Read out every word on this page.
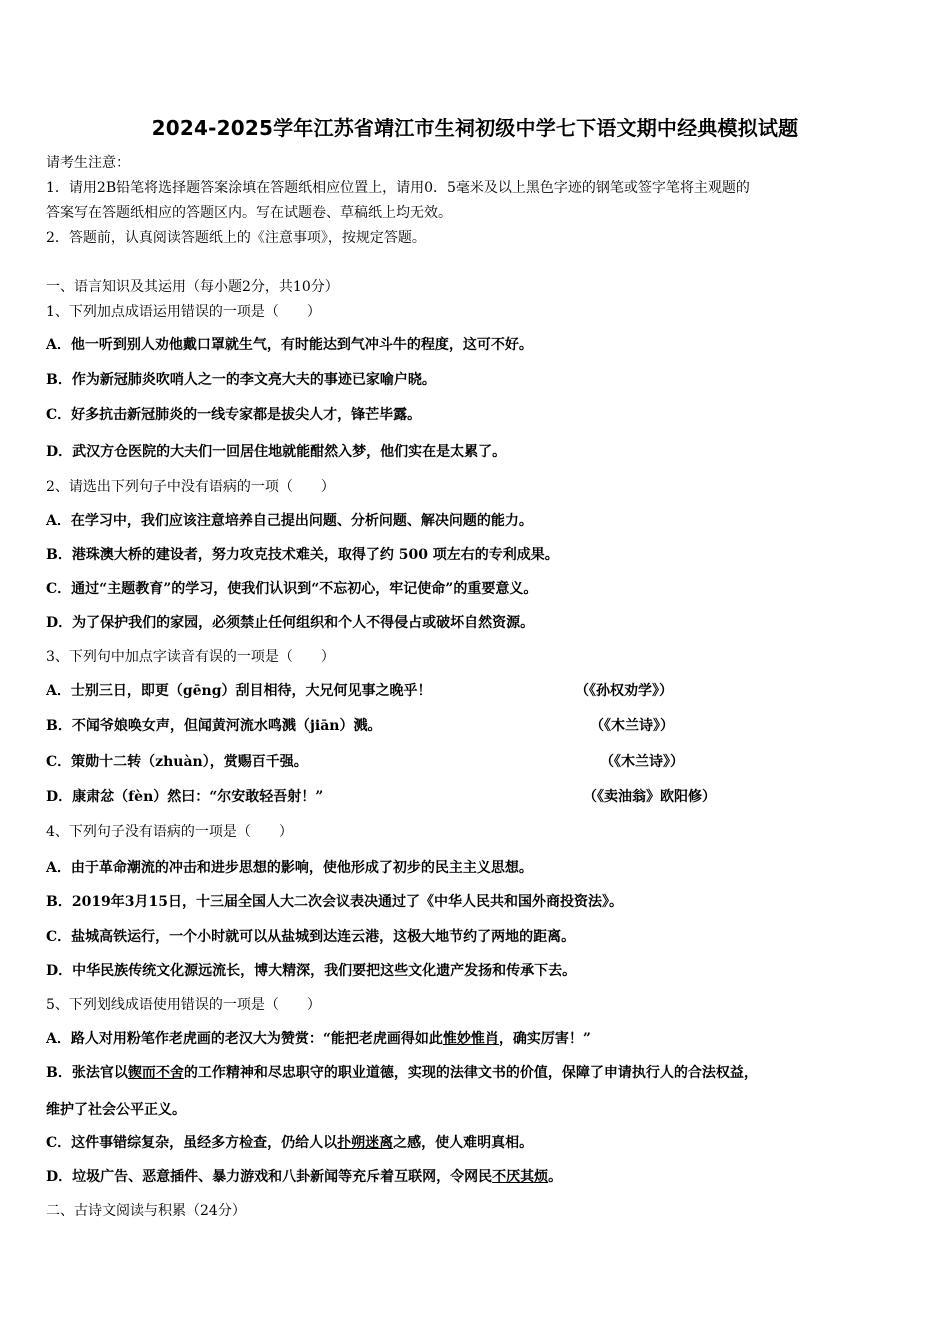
2024-2025学年江苏省靖江市生祠初级中学七下语文期中经典模拟试题
请考生注意：
1．请用2B铅笔将选择题答案涂填在答题纸相应位置上，请用0．5毫米及以上黑色字迹的钢笔或签字笔将主观题的
答案写在答题纸相应的答题区内。写在试题卷、草稿纸上均无效。
2．答题前，认真阅读答题纸上的《注意事项》，按规定答题。
一、语言知识及其运用（每小题2分，共10分）
1、下列加点成语运用错误的一项是（　　）
A．他一听到别人劝他戴口罩就生气，有时能达到气冲斗牛的程度，这可不好。
B．作为新冠肺炎吹哨人之一的李文亮大夫的事迹已家喻户晓。
C．好多抗击新冠肺炎的一线专家都是拔尖人才，锋芒毕露。
D．武汉方仓医院的大夫们一回居住地就能酣然入梦，他们实在是太累了。
2、请选出下列句子中没有语病的一项（　　）
A．在学习中，我们应该注意培养自己提出问题、分析问题、解决问题的能力。
B．港珠澳大桥的建设者，努力攻克技术难关，取得了约 500 项左右的专利成果。
C．通过“主题教育”的学习，使我们认识到“不忘初心，牢记使命”的重要意义。
D．为了保护我们的家园，必须禁止任何组织和个人不得侵占或破坏自然资源。
3、下列句中加点字读音有误的一项是（　　）
A．士别三日，即更（gēng）刮目相待，大兄何见事之晚乎！	（《孙权劝学》）
B．不闻爷娘唤女声，但闻黄河流水鸣溅（jiān）溅。	（《木兰诗》）
C．策勋十二转（zhuàn），赏赐百千强。	（《木兰诗》）
D．康肃忿（fèn）然曰：“尔安敢轻吾射！”	（《卖油翁》欧阳修）
4、下列句子没有语病的一项是（　　）
A．由于革命潮流的冲击和进步思想的影响，使他形成了初步的民主主义思想。
B．2019年3月15日，十三届全国人大二次会议表决通过了《中华人民共和国外商投资法》。
C．盐城高铁运行，一个小时就可以从盐城到达连云港，这极大地节约了两地的距离。
D．中华民族传统文化源远流长，博大精深，我们要把这些文化遗产发扬和传承下去。
5、下列划线成语使用错误的一项是（　　）
A．路人对用粉笔作老虎画的老汉大为赞赏：“能把老虎画得如此惟妙惟肖，确实厉害！”
B．张法官以锲而不舍的工作精神和尽忠职守的职业道德，实现的法律文书的价值，保障了申请执行人的合法权益，
维护了社会公平正义。
C．这件事错综复杂，虽经多方检查，仍给人以扑朔迷离之感，使人难明真相。
D．垃圾广告、恶意插件、暴力游戏和八卦新闻等充斥着互联网，令网民不厌其烦。
二、古诗文阅读与积累（24分）
